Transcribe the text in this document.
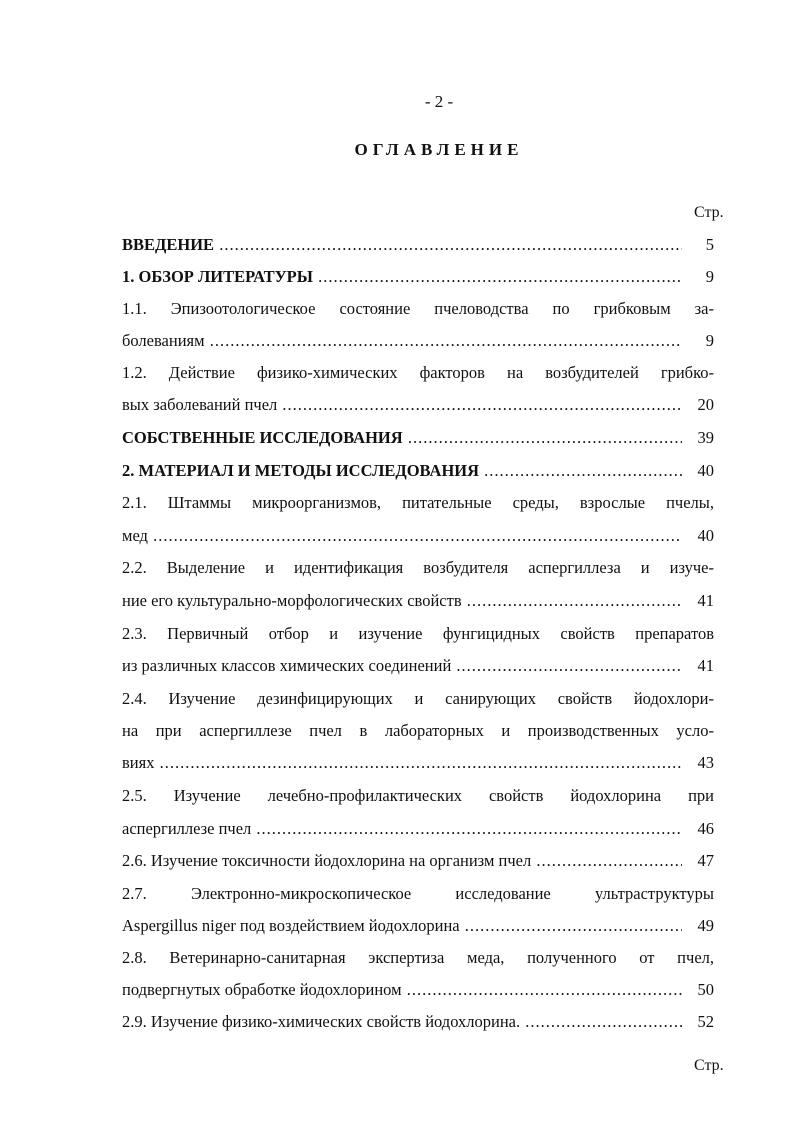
- 2 -
ОГЛАВЛЕНИЕ
Стр.
ВВЕДЕНИЕ .....	5
1. ОБЗОР ЛИТЕРАТУРЫ .....	9
1.1. Эпизоотологическое состояние пчеловодства по грибковым за-
болеваниям .....	9
1.2. Действие физико-химических факторов на возбудителей грибко-
вых заболеваний пчел .....	20
СОБСТВЕННЫЕ ИССЛЕДОВАНИЯ .....	39
2. МАТЕРИАЛ И МЕТОДЫ ИССЛЕДОВАНИЯ .....	40
2.1. Штаммы микроорганизмов, питательные среды, взрослые пчелы,
мед .....	40
2.2. Выделение и идентификация возбудителя аспергиллеза и изуче-
ние его культурально-морфологических свойств .....	41
2.3. Первичный отбор и изучение фунгицидных свойств препаратов
из различных классов химических соединений .....	41
2.4. Изучение дезинфицирующих и санирующих свойств йодохлори-
на при аспергиллезе пчел в лабораторных и производственных усло-
виях .....	43
2.5. Изучение лечебно-профилактических свойств йодохлорина при
аспергиллезе пчел .....	46
2.6. Изучение токсичности йодохлорина на организм пчел .....	47
2.7. Электронно-микроскопическое исследование ультраструктуры
Aspergillus niger под воздействием йодохлорина .....	49
2.8. Ветеринарно-санитарная экспертиза меда, полученного от пчел,
подвергнутых обработке йодохлорином .....	50
2.9. Изучение физико-химических свойств йодохлорина. .....	52
Стр.
